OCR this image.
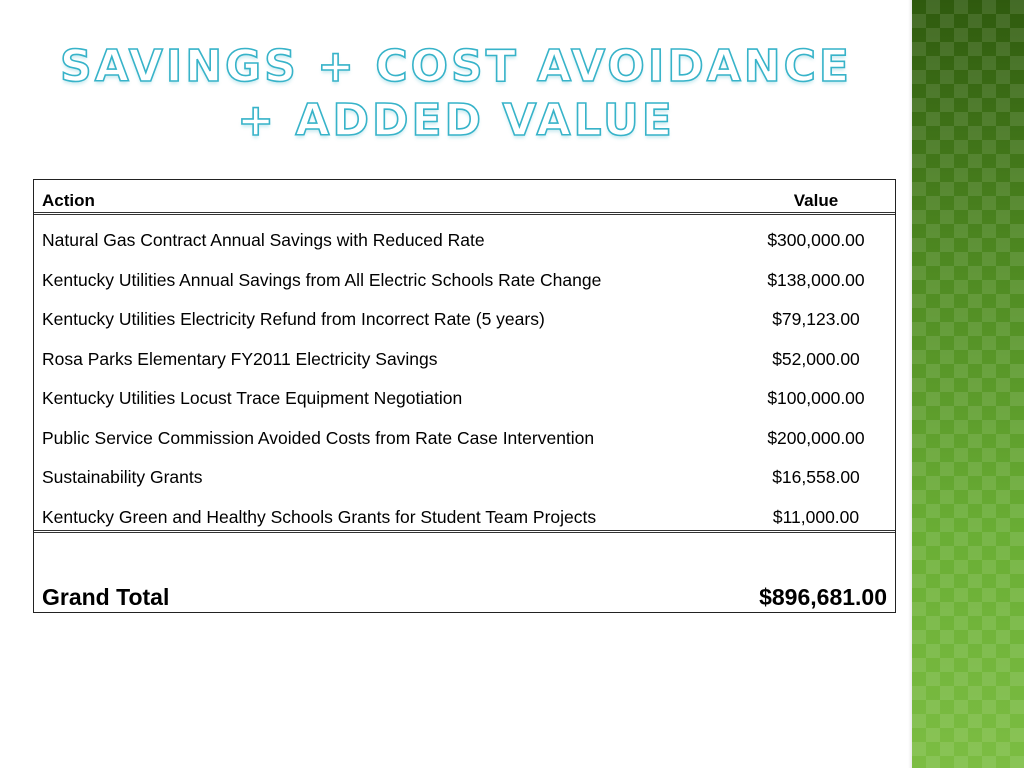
SAVINGS + COST AVOIDANCE
+ ADDED VALUE
Action	Value
Natural Gas Contract Annual Savings with Reduced Rate	$300,000.00
Kentucky Utilities Annual Savings from All Electric Schools Rate Change	$138,000.00
Kentucky Utilities Electricity Refund from Incorrect Rate (5 years)	$79,123.00
Rosa Parks Elementary FY2011 Electricity Savings	$52,000.00
Kentucky Utilities Locust Trace Equipment Negotiation	$100,000.00
Public Service Commission Avoided Costs from Rate Case Intervention	$200,000.00
Sustainability Grants	$16,558.00
Kentucky Green and Healthy Schools Grants for Student Team Projects	$11,000.00
Grand Total	$896,681.00
